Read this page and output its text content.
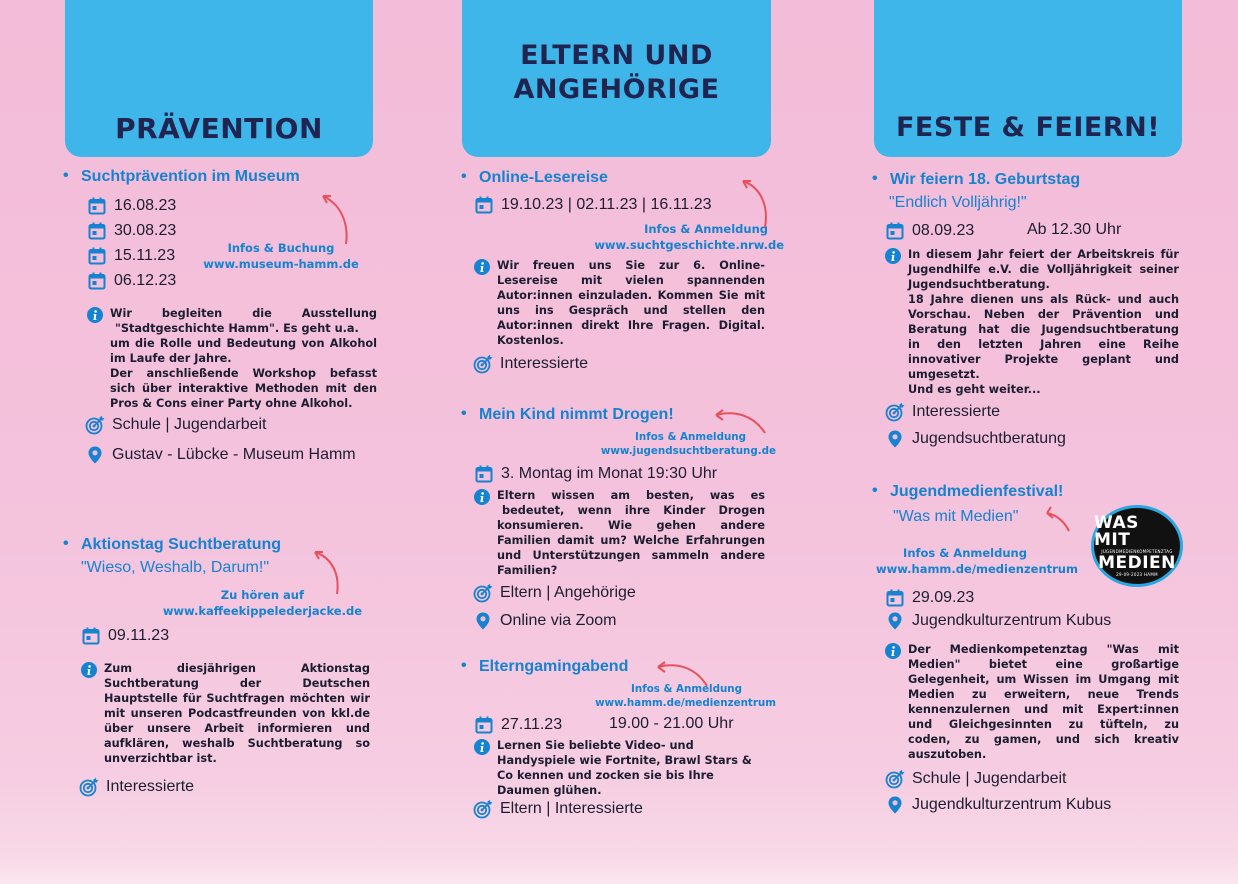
PRÄVENTION
• Suchtprävention im Museum
16.08.23
30.08.23
15.11.23
06.12.23
Infos & Buchung
www.museum-hamm.de
Wir begleiten die Ausstellung
"Stadtgeschichte Hamm". Es geht u.a.
um die Rolle und Bedeutung von Alkohol
im Laufe der Jahre.
Der anschließende Workshop befasst
sich über interaktive Methoden mit den
Pros & Cons einer Party ohne Alkohol.
Schule | Jugendarbeit
Gustav - Lübcke - Museum Hamm
• Aktionstag Suchtberatung
"Wieso, Weshalb, Darum!"
Zu hören auf
www.kaffeekippelederjacke.de
09.11.23
Zum diesjährigen Aktionstag
Suchtberatung der Deutschen
Hauptstelle für Suchtfragen möchten wir
mit unseren Podcastfreunden von kkl.de
über unsere Arbeit informieren und
aufklären, weshalb Suchtberatung so
unverzichtbar ist.
Interessierte
ELTERN UND
ANGEHÖRIGE
• Online-Lesereise
19.10.23 | 02.11.23 | 16.11.23
Infos & Anmeldung
www.suchtgeschichte.nrw.de
Wir freuen uns Sie zur 6. Online-
Lesereise mit vielen spannenden
Autor:innen einzuladen. Kommen Sie mit
uns ins Gespräch und stellen den
Autor:innen direkt Ihre Fragen. Digital.
Kostenlos.
Interessierte
• Mein Kind nimmt Drogen!
Infos & Anmeldung
www.jugendsuchtberatung.de
3. Montag im Monat 19:30 Uhr
Eltern wissen am besten, was es
bedeutet, wenn ihre Kinder Drogen
konsumieren. Wie gehen andere
Familien damit um? Welche Erfahrungen
und Unterstützungen sammeln andere
Familien?
Eltern | Angehörige
Online via Zoom
• Elterngamingabend
Infos & Anmeldung
www.hamm.de/medienzentrum
27.11.23	19.00 - 21.00 Uhr
Lernen Sie beliebte Video- und
Handyspiele wie Fortnite, Brawl Stars &
Co kennen und zocken sie bis Ihre
Daumen glühen.
Eltern | Interessierte
FESTE & FEIERN!
• Wir feiern 18. Geburtstag
"Endlich Volljährig!"
08.09.23	Ab 12.30 Uhr
In diesem Jahr feiert der Arbeitskreis für
Jugendhilfe e.V. die Volljährigkeit seiner
Jugendsuchtberatung.
18 Jahre dienen uns als Rück- und auch
Vorschau. Neben der Prävention und
Beratung hat die Jugendsuchtberatung
in den letzten Jahren eine Reihe
innovativer Projekte geplant und
umgesetzt.
Und es geht weiter...
Interessierte
Jugendsuchtberatung
• Jugendmedienfestival!
"Was mit Medien"
Infos & Anmeldung
www.hamm.de/medienzentrum
WAS MIT
JUGENDMEDIENKOMPETENZTAG
MEDIEN
29-09-2023 HAMM
29.09.23
Jugendkulturzentrum Kubus
Der Medienkompetenztag "Was mit
Medien" bietet eine großartige
Gelegenheit, um Wissen im Umgang mit
Medien zu erweitern, neue Trends
kennenzulernen und mit Expert:innen
und Gleichgesinnten zu tüfteln, zu
coden, zu gamen, und sich kreativ
auszutoben.
Schule | Jugendarbeit
Jugendkulturzentrum Kubus
